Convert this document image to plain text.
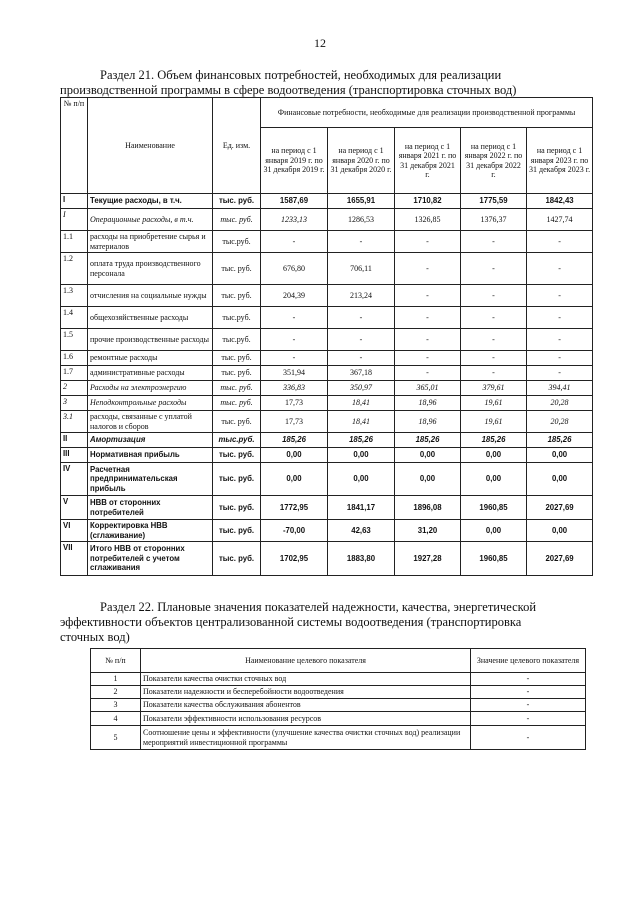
12
Раздел 21. Объем финансовых потребностей, необходимых для реализации
производственной программы в сфере водоотведения (транспортировка сточных вод)
№ п/п	Наименование	Ед. изм.	Финансовые потребности, необходимые для реализации производственной программы				
			на период с 1 января 2019 г. по 31 декабря 2019 г.	на период с 1 января 2020 г. по 31 декабря 2020 г.	на период с 1 января 2021 г. по 31 декабря 2021 г.	на период с 1 января 2022 г. по 31 декабря 2022 г.	на период с 1 января 2023 г. по 31 декабря 2023 г.
I	Текущие расходы, в т.ч.	тыс. руб.	1587,69	1655,91	1710,82	1775,59	1842,43
I	Операционные расходы, в т.ч.	тыс. руб.	1233,13	1286,53	1326,85	1376,37	1427,74
1.1	расходы на приобретение сырья и материалов	тыс.руб.	-	-	-	-	-
1.2	оплата труда производственного персонала	тыс. руб.	676,80	706,11	-	-	-
1.3	отчисления на социальные нужды	тыс. руб.	204,39	213,24	-	-	-
1.4	общехозяйственные расходы	тыс.руб.	-	-	-	-	-
1.5	прочие производственные расходы	тыс.руб.	-	-	-	-	-
1.6	ремонтные расходы	тыс. руб.	-	-	-	-	-
1.7	административные расходы	тыс. руб.	351,94	367,18	-	-	-
2	Расходы на электроэнергию	тыс. руб.	336,83	350,97	365,01	379,61	394,41
3	Неподконтрольные расходы	тыс. руб.	17,73	18,41	18,96	19,61	20,28
3.1	расходы, связанные с уплатой налогов и сборов	тыс. руб.	17,73	18,41	18,96	19,61	20,28
II	Амортизация	тыс.руб.	185,26	185,26	185,26	185,26	185,26
III	Нормативная прибыль	тыс. руб.	0,00	0,00	0,00	0,00	0,00
IV	Расчетная предпринимательская прибыль	тыс. руб.	0,00	0,00	0,00	0,00	0,00
V	НВВ от сторонних потребителей	тыс. руб.	1772,95	1841,17	1896,08	1960,85	2027,69
VI	Корректировка НВВ (сглаживание)	тыс. руб.	-70,00	42,63	31,20	0,00	0,00
VII	Итого НВВ от сторонних потребителей с учетом сглаживания	тыс. руб.	1702,95	1883,80	1927,28	1960,85	2027,69
Раздел 22. Плановые значения показателей надежности, качества, энергетической
эффективности объектов централизованной системы водоотведения (транспортировка
сточных вод)
№ п/п	Наименование целевого показателя	Значение целевого показателя
1	Показатели качества очистки сточных вод	-
2	Показатели надежности и бесперебойности водоотведения	-
3	Показатели качества обслуживания абонентов	-
4	Показатели эффективности использования ресурсов	-
5	Соотношение цены и эффективности (улучшение качества очистки сточных вод) реализации мероприятий инвестиционной программы	-
